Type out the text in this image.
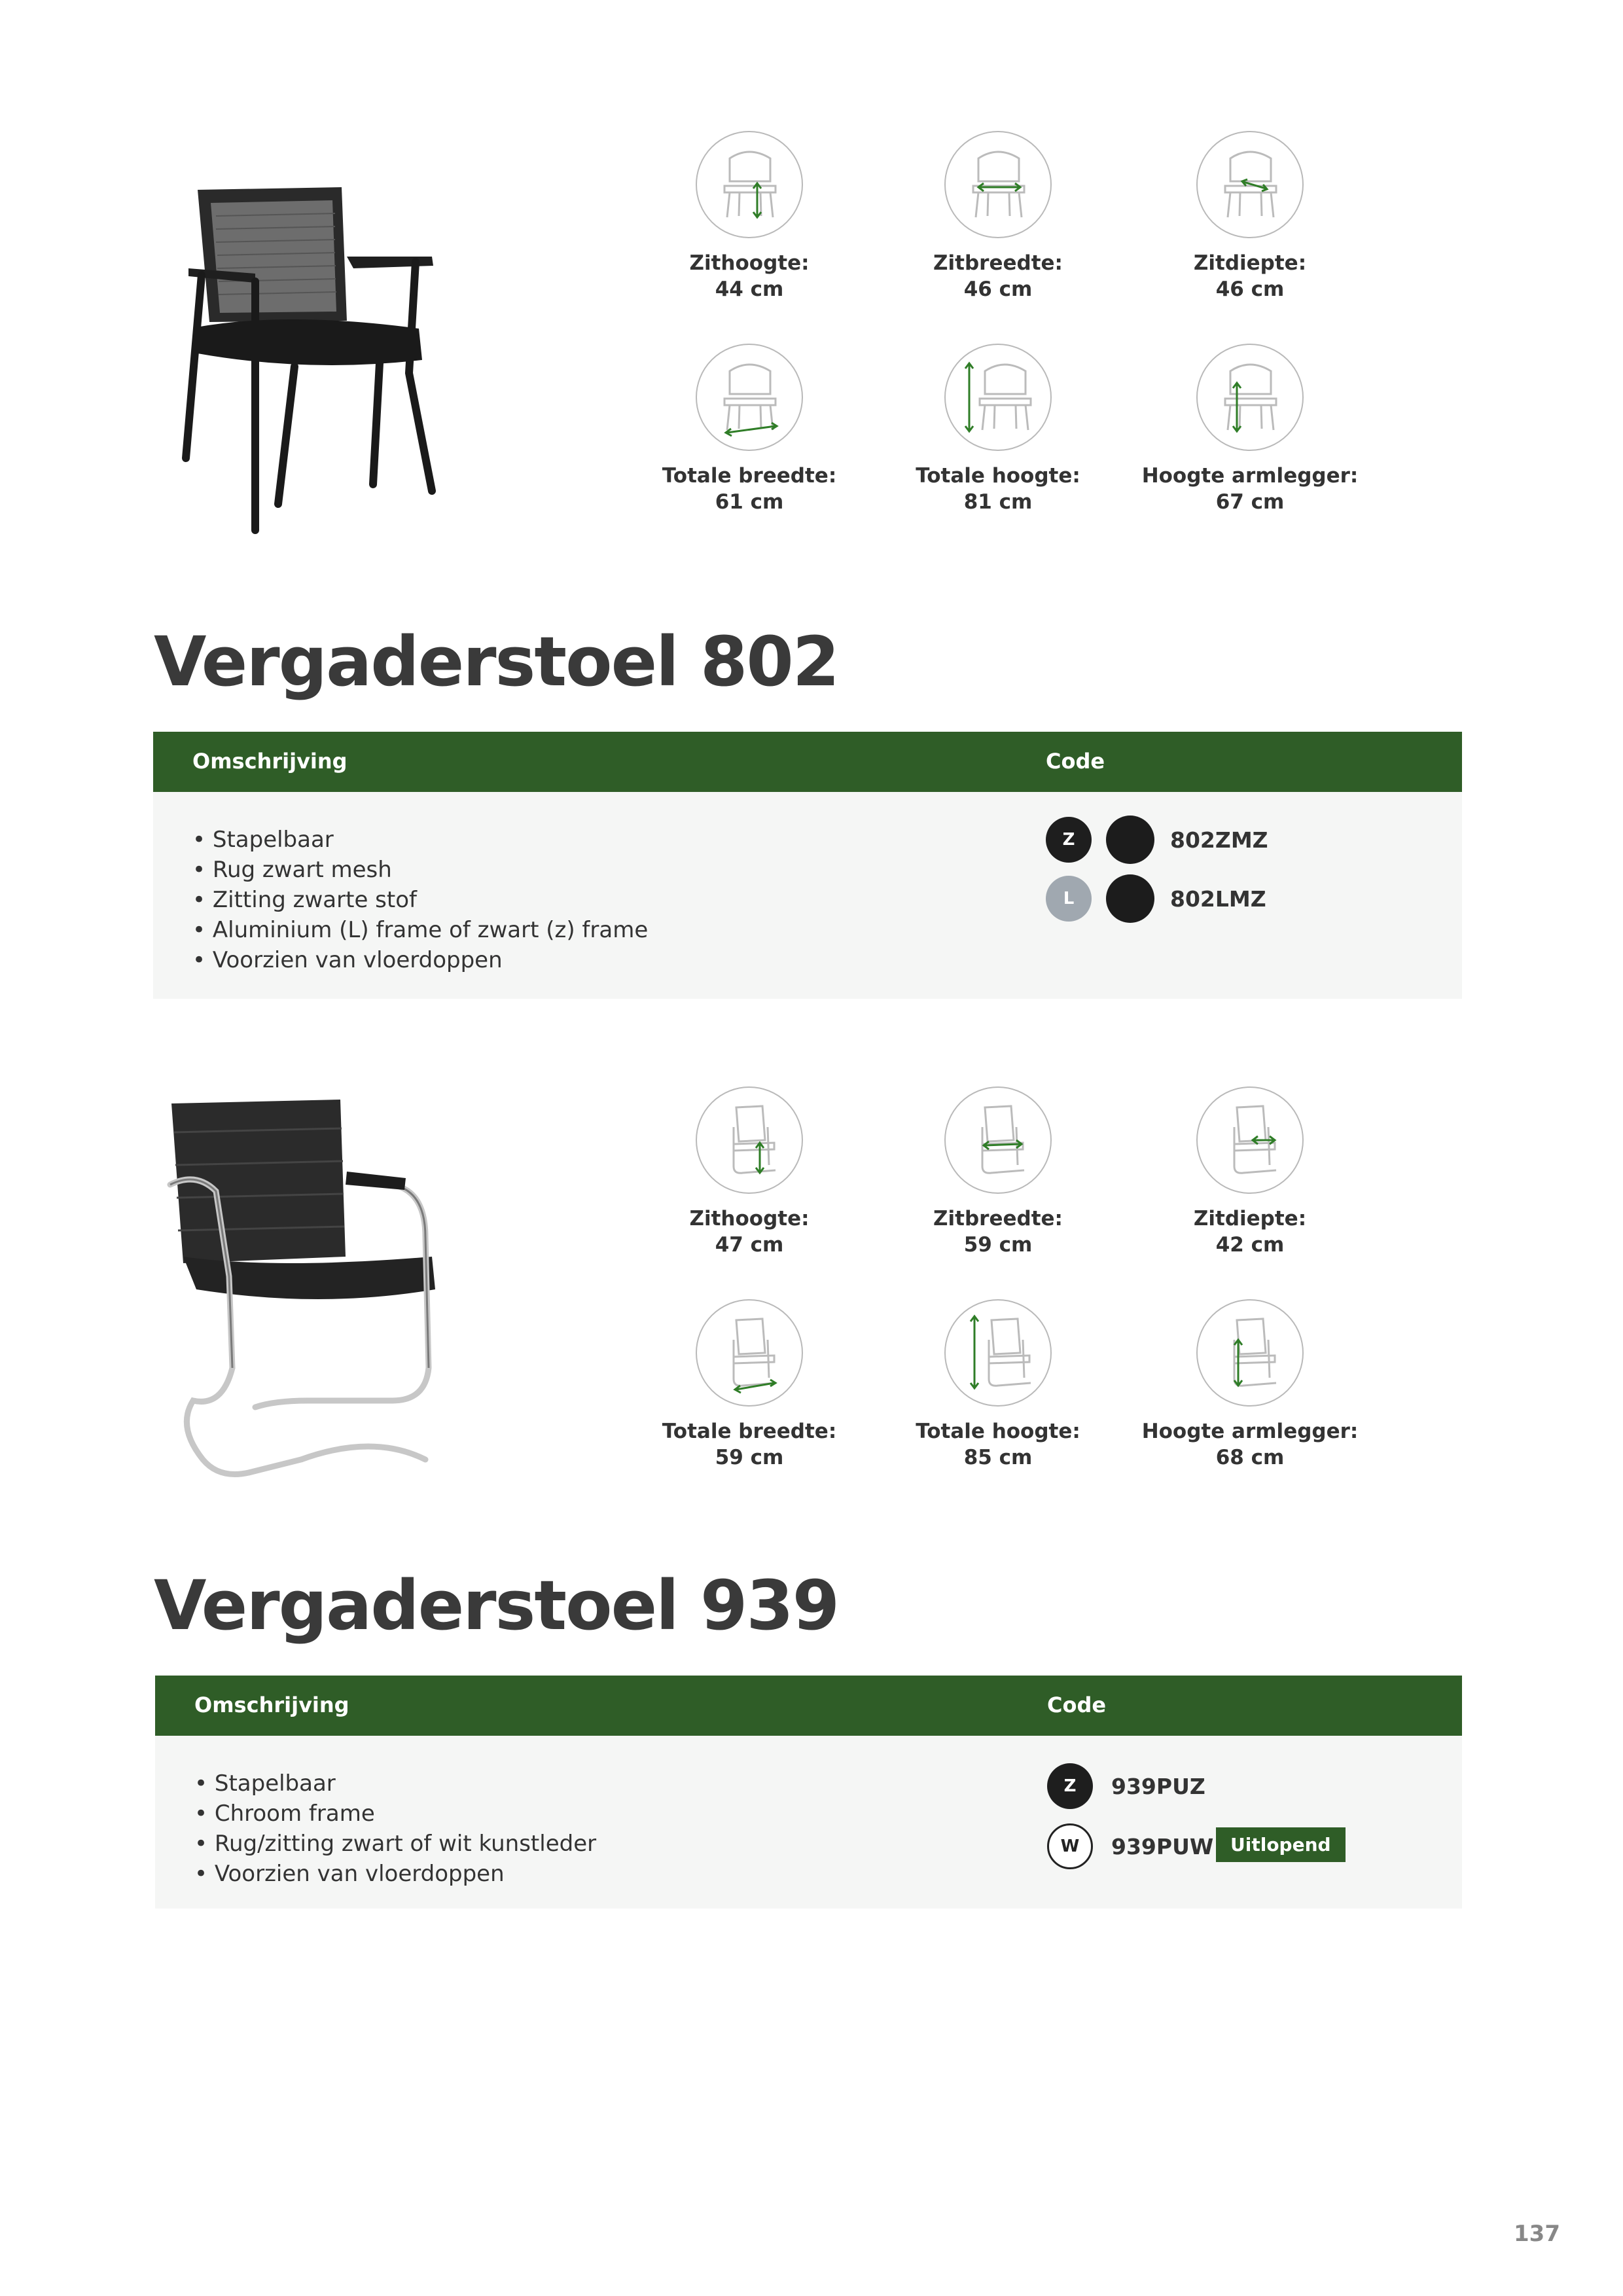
Zithoogte:
44 cm
Zitbreedte:
46 cm
Zitdiepte:
46 cm
Totale breedte:
61 cm
Totale hoogte:
81 cm
Hoogte armlegger:
67 cm
Vergaderstoel 802
Omschrijving	Code
• Stapelbaar
• Rug zwart mesh
• Zitting zwarte stof
• Aluminium (L) frame of zwart (z) frame
• Voorzien van vloerdoppen
Z	802ZMZ
L	802LMZ
Zithoogte:
47 cm
Zitbreedte:
59 cm
Zitdiepte:
42 cm
Totale breedte:
59 cm
Totale hoogte:
85 cm
Hoogte armlegger:
68 cm
Vergaderstoel 939
Omschrijving	Code
• Stapelbaar
• Chroom frame
• Rug/zitting zwart of wit kunstleder
• Voorzien van vloerdoppen
Z	939PUZ
W	939PUW Uitlopend
137
